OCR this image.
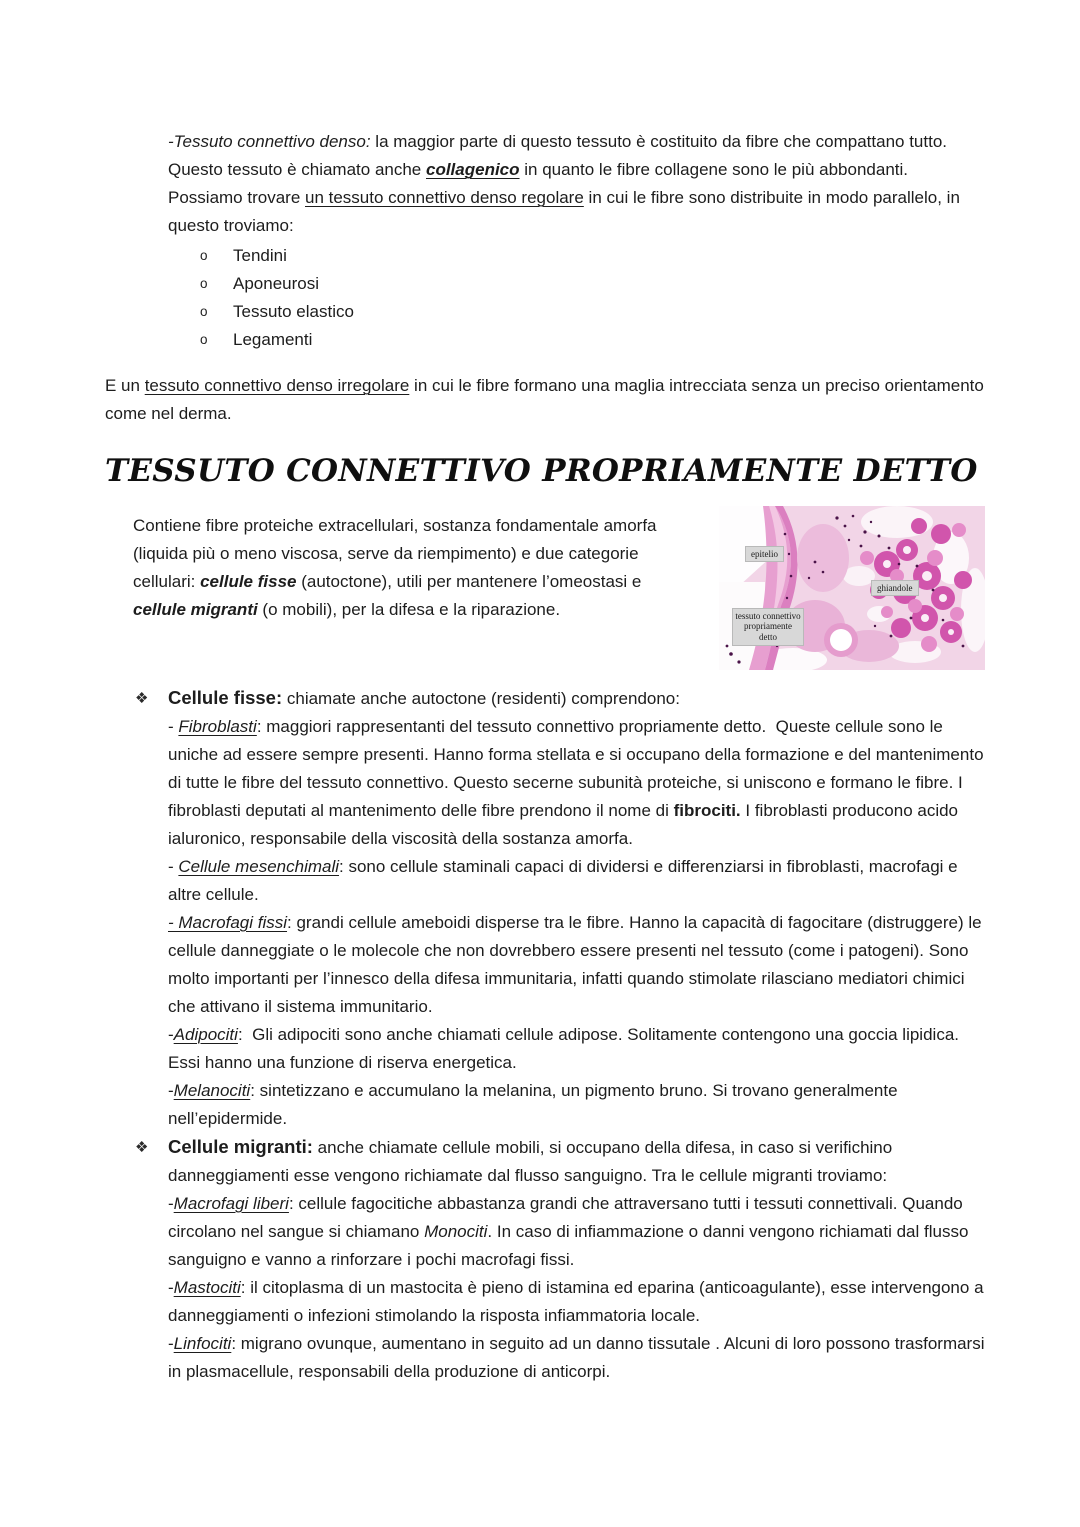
-Tessuto connettivo denso: la maggior parte di questo tessuto è costituito da fibre che compattano tutto. Questo tessuto è chiamato anche collagenico in quanto le fibre collagene sono le più abbondanti. Possiamo trovare un tessuto connettivo denso regolare in cui le fibre sono distribuite in modo parallelo, in questo troviamo:
o	Tendini
o	Aponeurosi
o	Tessuto elastico
o	Legamenti
E un tessuto connettivo denso irregolare in cui le fibre formano una maglia intrecciata senza un preciso orientamento come nel derma.
TESSUTO CONNETTIVO PROPRIAMENTE DETTO
Contiene fibre proteiche extracellulari, sostanza fondamentale amorfa (liquida più o meno viscosa, serve da riempimento) e due categorie cellulari: cellule fisse (autoctone), utili per mantenere l’omeostasi e cellule migranti (o mobili), per la difesa e la riparazione.
epitelio
ghiandole
tessuto connettivo propriamente detto
❖	Cellule fisse: chiamate anche autoctone (residenti) comprendono:
- Fibroblasti: maggiori rappresentanti del tessuto connettivo propriamente detto.  Queste cellule sono le uniche ad essere sempre presenti. Hanno forma stellata e si occupano della formazione e del mantenimento di tutte le fibre del tessuto connettivo. Questo secerne subunità proteiche, si uniscono e formano le fibre. I fibroblasti deputati al mantenimento delle fibre prendono il nome di fibrociti. I fibroblasti producono acido ialuronico, responsabile della viscosità della sostanza amorfa.
- Cellule mesenchimali: sono cellule staminali capaci di dividersi e differenziarsi in fibroblasti, macrofagi e altre cellule.
- Macrofagi fissi: grandi cellule ameboidi disperse tra le fibre. Hanno la capacità di fagocitare (distruggere) le cellule danneggiate o le molecole che non dovrebbero essere presenti nel tessuto (come i patogeni). Sono molto importanti per l’innesco della difesa immunitaria, infatti quando stimolate rilasciano mediatori chimici che attivano il sistema immunitario.
-Adipociti:  Gli adipociti sono anche chiamati cellule adipose. Solitamente contengono una goccia lipidica. Essi hanno una funzione di riserva energetica.
-Melanociti: sintetizzano e accumulano la melanina, un pigmento bruno. Si trovano generalmente nell’epidermide.
❖	Cellule migranti: anche chiamate cellule mobili, si occupano della difesa, in caso si verifichino danneggiamenti esse vengono richiamate dal flusso sanguigno. Tra le cellule migranti troviamo:
-Macrofagi liberi: cellule fagocitiche abbastanza grandi che attraversano tutti i tessuti connettivali. Quando circolano nel sangue si chiamano Monociti. In caso di infiammazione o danni vengono richiamati dal flusso sanguigno e vanno a rinforzare i pochi macrofagi fissi.
-Mastociti: il citoplasma di un mastocita è pieno di istamina ed eparina (anticoagulante), esse intervengono a danneggiamenti o infezioni stimolando la risposta infiammatoria locale.
-Linfociti: migrano ovunque, aumentano in seguito ad un danno tissutale . Alcuni di loro possono trasformarsi in plasmacellule, responsabili della produzione di anticorpi.
